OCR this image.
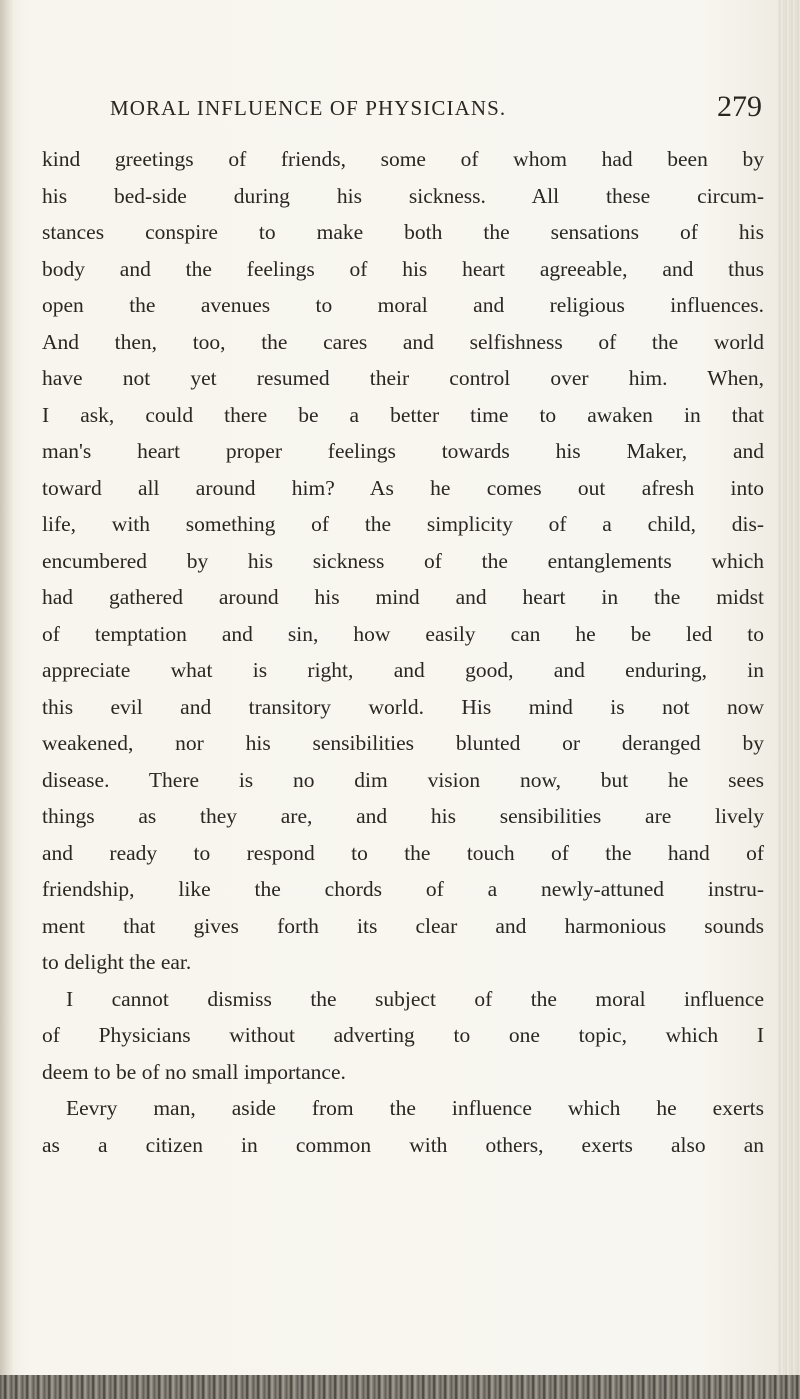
MORAL INFLUENCE OF PHYSICIANS.	279
kind greetings of friends, some of whom had been by
his bed-side during his sickness. All these circum-
stances conspire to make both the sensations of his
body and the feelings of his heart agreeable, and thus
open the avenues to moral and religious influences.
And then, too, the cares and selfishness of the world
have not yet resumed their control over him. When,
I ask, could there be a better time to awaken in that
man's heart proper feelings towards his Maker, and
toward all around him? As he comes out afresh into
life, with something of the simplicity of a child, dis-
encumbered by his sickness of the entanglements which
had gathered around his mind and heart in the midst
of temptation and sin, how easily can he be led to
appreciate what is right, and good, and enduring, in
this evil and transitory world. His mind is not now
weakened, nor his sensibilities blunted or deranged by
disease. There is no dim vision now, but he sees
things as they are, and his sensibilities are lively
and ready to respond to the touch of the hand of
friendship, like the chords of a newly-attuned instru-
ment that gives forth its clear and harmonious sounds
to delight the ear.
I cannot dismiss the subject of the moral influence
of Physicians without adverting to one topic, which I
deem to be of no small importance.
Eevry man, aside from the influence which he exerts
as a citizen in common with others, exerts also an
